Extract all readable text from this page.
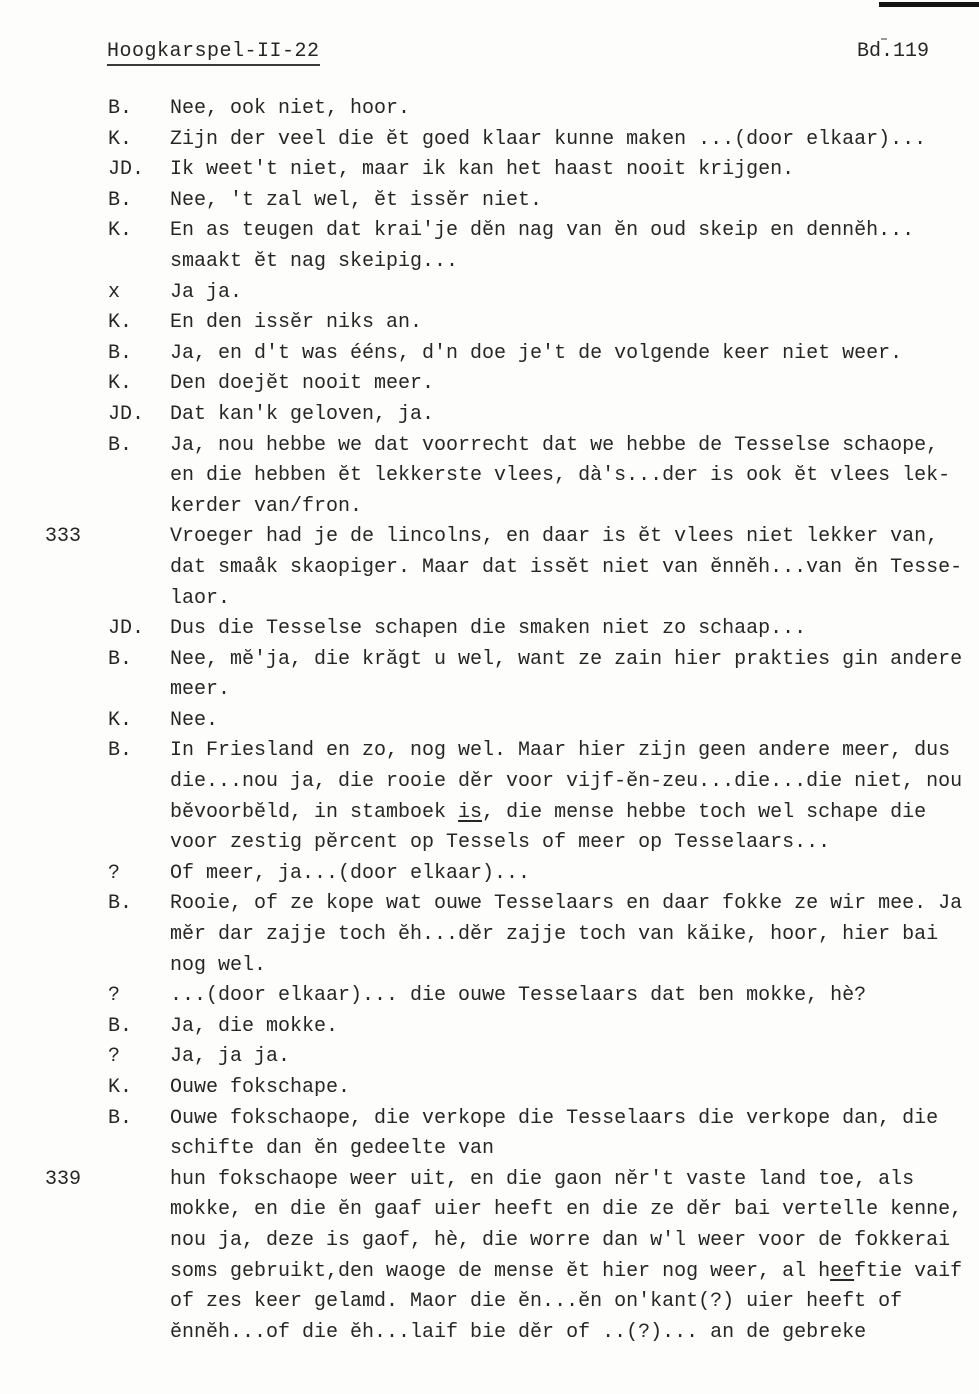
Hoogkarspel-II-22	Bd.119
B.	Nee, ook niet, hoor.
K.	Zijn der veel die ĕt goed klaar kunne maken ...(door elkaar)...
JD.	Ik weet't niet, maar ik kan het haast nooit krijgen.
B.	Nee, 't zal wel, ĕt issĕr niet.
K.	En as teugen dat krai'je dĕn nag van ĕn oud skeip en dennĕh...
smaakt ĕt nag skeipig...
x	Ja ja.
K.	En den issĕr niks an.
B.	Ja, en d't was ééns, d'n doe je't de volgende keer niet weer.
K.	Den doejĕt nooit meer.
JD.	Dat kan'k geloven, ja.
B.	Ja, nou hebbe we dat voorrecht dat we hebbe de Tesselse schaope,
en die hebben ĕt lekkerste vlees, dà's...der is ook ĕt vlees lek-
kerder van/fron.
333	Vroeger had je de lincolns, en daar is ĕt vlees niet lekker van,
dat smaåk skaopiger. Maar dat issĕt niet van ĕnnĕh...van ĕn Tesse-
laor.
JD.	Dus die Tesselse schapen die smaken niet zo schaap...
B.	Nee, mĕ'ja, die krăgt u wel, want ze zain hier prakties gin andere
meer.
K.	Nee.
B.	In Friesland en zo, nog wel. Maar hier zijn geen andere meer, dus
die...nou ja, die rooie dĕr voor vijf-ĕn-zeu...die...die niet, nou
bĕvoorbĕld, in stamboek is, die mense hebbe toch wel schape die
voor zestig pĕrcent op Tessels of meer op Tesselaars...
?	Of meer, ja...(door elkaar)...
B.	Rooie, of ze kope wat ouwe Tesselaars en daar fokke ze wir mee. Ja
mĕr dar zajje toch ĕh...dĕr zajje toch van kăike, hoor, hier bai
nog wel.
?	...(door elkaar)... die ouwe Tesselaars dat ben mokke, hè?
B.	Ja, die mokke.
?	Ja, ja ja.
K.	Ouwe fokschape.
B.	Ouwe fokschaope, die verkope die Tesselaars die verkope dan, die
schifte dan ĕn gedeelte van
339	hun fokschaope weer uit, en die gaon nĕr't vaste land toe, als
mokke, en die ĕn gaaf uier heeft en die ze dĕr bai vertelle kenne,
nou ja, deze is gaof, hè, die worre dan w'l weer voor de fokkerai
soms gebruikt,den waoge de mense ĕt hier nog weer, al heeftie vaif
of zes keer gelamd. Maor die ĕn...ĕn on'kant(?) uier heeft of
ĕnnĕh...of die ĕh...laif bie dĕr of ..(?)... an de gebreke
